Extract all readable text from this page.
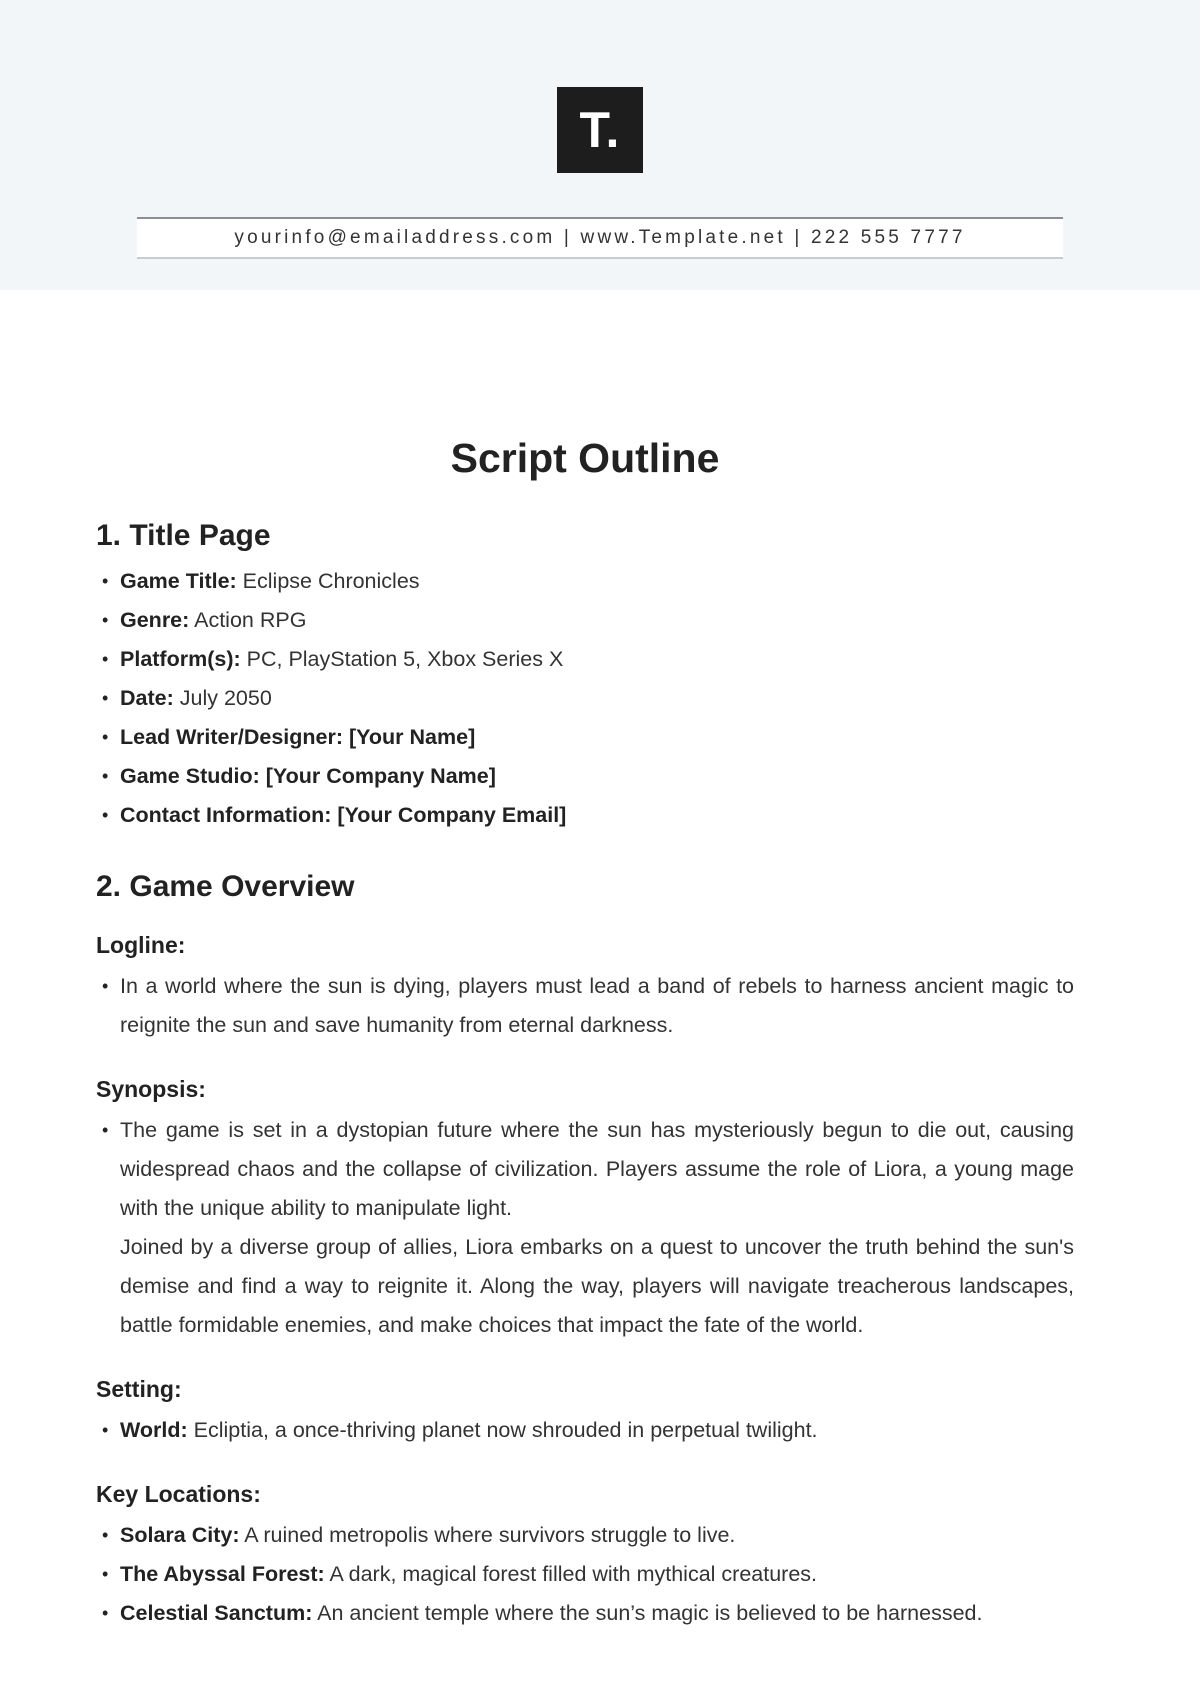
T.
yourinfo@emailaddress.com | www.Template.net | 222 555 7777
Script Outline
1. Title Page
• Game Title: Eclipse Chronicles
• Genre: Action RPG
• Platform(s): PC, PlayStation 5, Xbox Series X
• Date: July 2050
• Lead Writer/Designer: [Your Name]
• Game Studio: [Your Company Name]
• Contact Information: [Your Company Email]
2. Game Overview
Logline:
• In a world where the sun is dying, players must lead a band of rebels to harness ancient magic to reignite the sun and save humanity from eternal darkness.
Synopsis:
• The game is set in a dystopian future where the sun has mysteriously begun to die out, causing widespread chaos and the collapse of civilization. Players assume the role of Liora, a young mage with the unique ability to manipulate light.
Joined by a diverse group of allies, Liora embarks on a quest to uncover the truth behind the sun's demise and find a way to reignite it. Along the way, players will navigate treacherous landscapes, battle formidable enemies, and make choices that impact the fate of the world.
Setting:
• World: Ecliptia, a once-thriving planet now shrouded in perpetual twilight.
Key Locations:
• Solara City: A ruined metropolis where survivors struggle to live.
• The Abyssal Forest: A dark, magical forest filled with mythical creatures.
• Celestial Sanctum: An ancient temple where the sun’s magic is believed to be harnessed.
